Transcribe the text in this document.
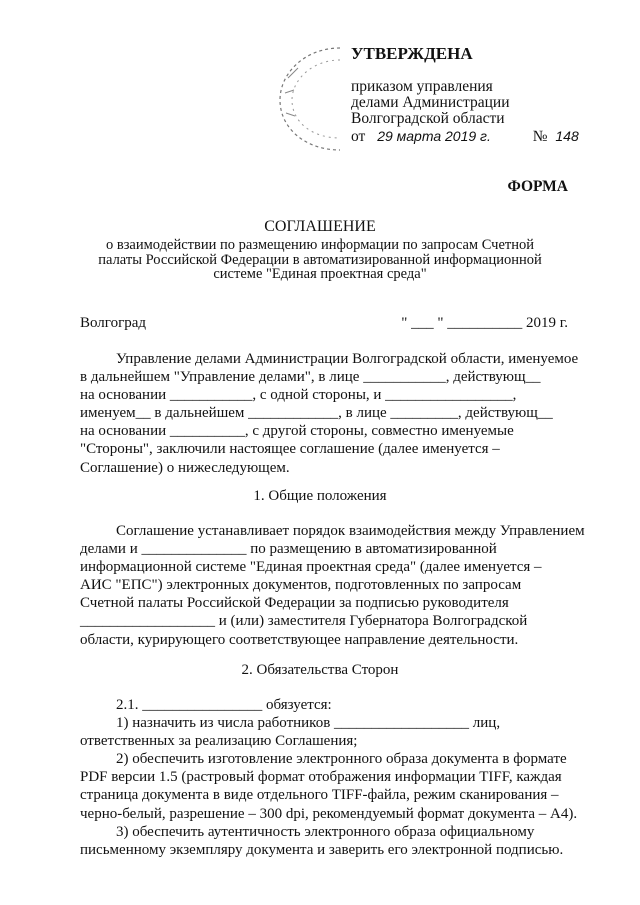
УТВЕРЖДЕНА
приказом управления
делами Администрации
Волгоградской области
от 29 марта 2019 г.	№ 148
ФОРМА
СОГЛАШЕНИЕ
о взаимодействии по размещению информации по запросам Счетной
палаты Российской Федерации в автоматизированной информационной
системе "Единая проектная среда"
Волгоград	" ___ " __________ 2019 г.
Управление делами Администрации Волгоградской области, именуемое
в дальнейшем "Управление делами", в лице ___________, действующ__
на основании ___________, с одной стороны, и _________________,
именуем__ в дальнейшем ____________, в лице _________, действующ__
на основании __________, с другой стороны, совместно именуемые
"Стороны", заключили настоящее соглашение (далее именуется –
Соглашение) о нижеследующем.
1. Общие положения
Соглашение устанавливает порядок взаимодействия между Управлением
делами и ______________ по размещению в автоматизированной
информационной системе "Единая проектная среда" (далее именуется –
АИС "ЕПС") электронных документов, подготовленных по запросам
Счетной палаты Российской Федерации за подписью руководителя
__________________ и (или) заместителя Губернатора Волгоградской
области, курирующего соответствующее направление деятельности.
2. Обязательства Сторон
2.1. ________________ обязуется:
1) назначить из числа работников __________________ лиц,
ответственных за реализацию Соглашения;
2) обеспечить изготовление электронного образа документа в формате
PDF версии 1.5 (растровый формат отображения информации TIFF, каждая
страница документа в виде отдельного TIFF-файла, режим сканирования –
черно-белый, разрешение – 300 dpi, рекомендуемый формат документа – А4).
3) обеспечить аутентичность электронного образа официальному
письменному экземпляру документа и заверить его электронной подписью.
